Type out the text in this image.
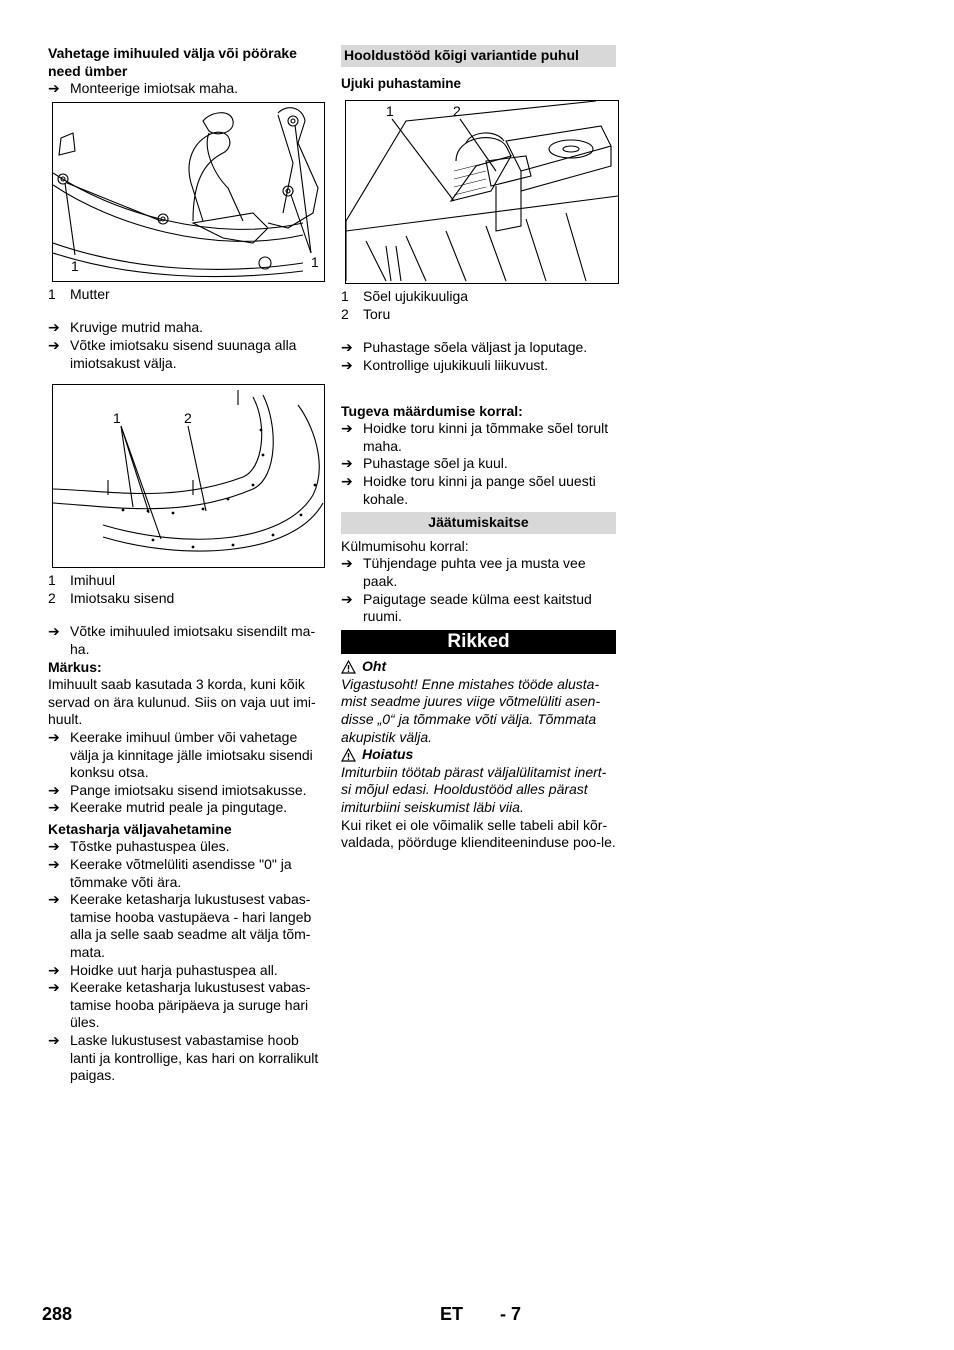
Vahetage imihuuled välja või pöörake need ümber

➔ Monteerige imiotsak maha.
1	1
1	Mutter
➔ Kruvige mutrid maha.
➔ Võtke imiotsaku sisend suunaga alla imiotsakust välja.
1	2
1	Imihuul
2	Imiotsaku sisend
➔ Võtke imihuuled imiotsaku sisendilt ma-ha.

Märkus:

Imihuult saab kasutada 3 korda, kuni kõik servad on ära kulunud. Siis on vaja uut imi-huult.

➔ Keerake imihuul ümber või vahetage välja ja kinnitage jälle imiotsaku sisendi konksu otsa.
➔ Pange imiotsaku sisend imiotsakusse.
➔ Keerake mutrid peale ja pingutage.

Ketasharja väljavahetamine

➔ Tõstke puhastuspea üles.
➔ Keerake võtmelüliti asendisse "0" ja tõmmake võti ära.
➔ Keerake ketasharja lukustusest vabas-tamise hooba vastupäeva - hari langeb alla ja selle saab seadme alt välja tõm-mata.
➔ Hoidke uut harja puhastuspea all.
➔ Keerake ketasharja lukustusest vabas-tamise hooba päripäeva ja suruge hari üles.
➔ Laske lukustusest vabastamise hoob lanti ja kontrollige, kas hari on korralikult paigas.
Hooldustööd kõigi variantide puhul

Ujuki puhastamine

1	2
1	Sõel ujukikuuliga
2	Toru
➔ Puhastage sõela väljast ja loputage.
➔ Kontrollige ujukikuuli liikuvust.

Tugeva määrdumise korral:

➔ Hoidke toru kinni ja tõmmake sõel torult maha.
➔ Puhastage sõel ja kuul.
➔ Hoidke toru kinni ja pange sõel uuesti kohale.
Jäätumiskaitse

Külmumisohu korral:

➔ Tühjendage puhta vee ja musta vee paak.
➔ Paigutage seade külma eest kaitstud ruumi.
Rikked
Oht

Vigastusoht! Enne mistahes tööde alusta-mist seadme juures viige võtmelüliti asen-disse „0“ ja tõmmake võti välja. Tõmmata akupistik välja.

Hoiatus

Imiturbiin töötab pärast väljalülitamist inert-si mõjul edasi. Hooldustööd alles pärast imiturbiini seiskumist läbi viia.

Kui riket ei ole võimalik selle tabeli abil kõr-valdada, pöörduge klienditeeninduse poo-le.

288	ET - 7
